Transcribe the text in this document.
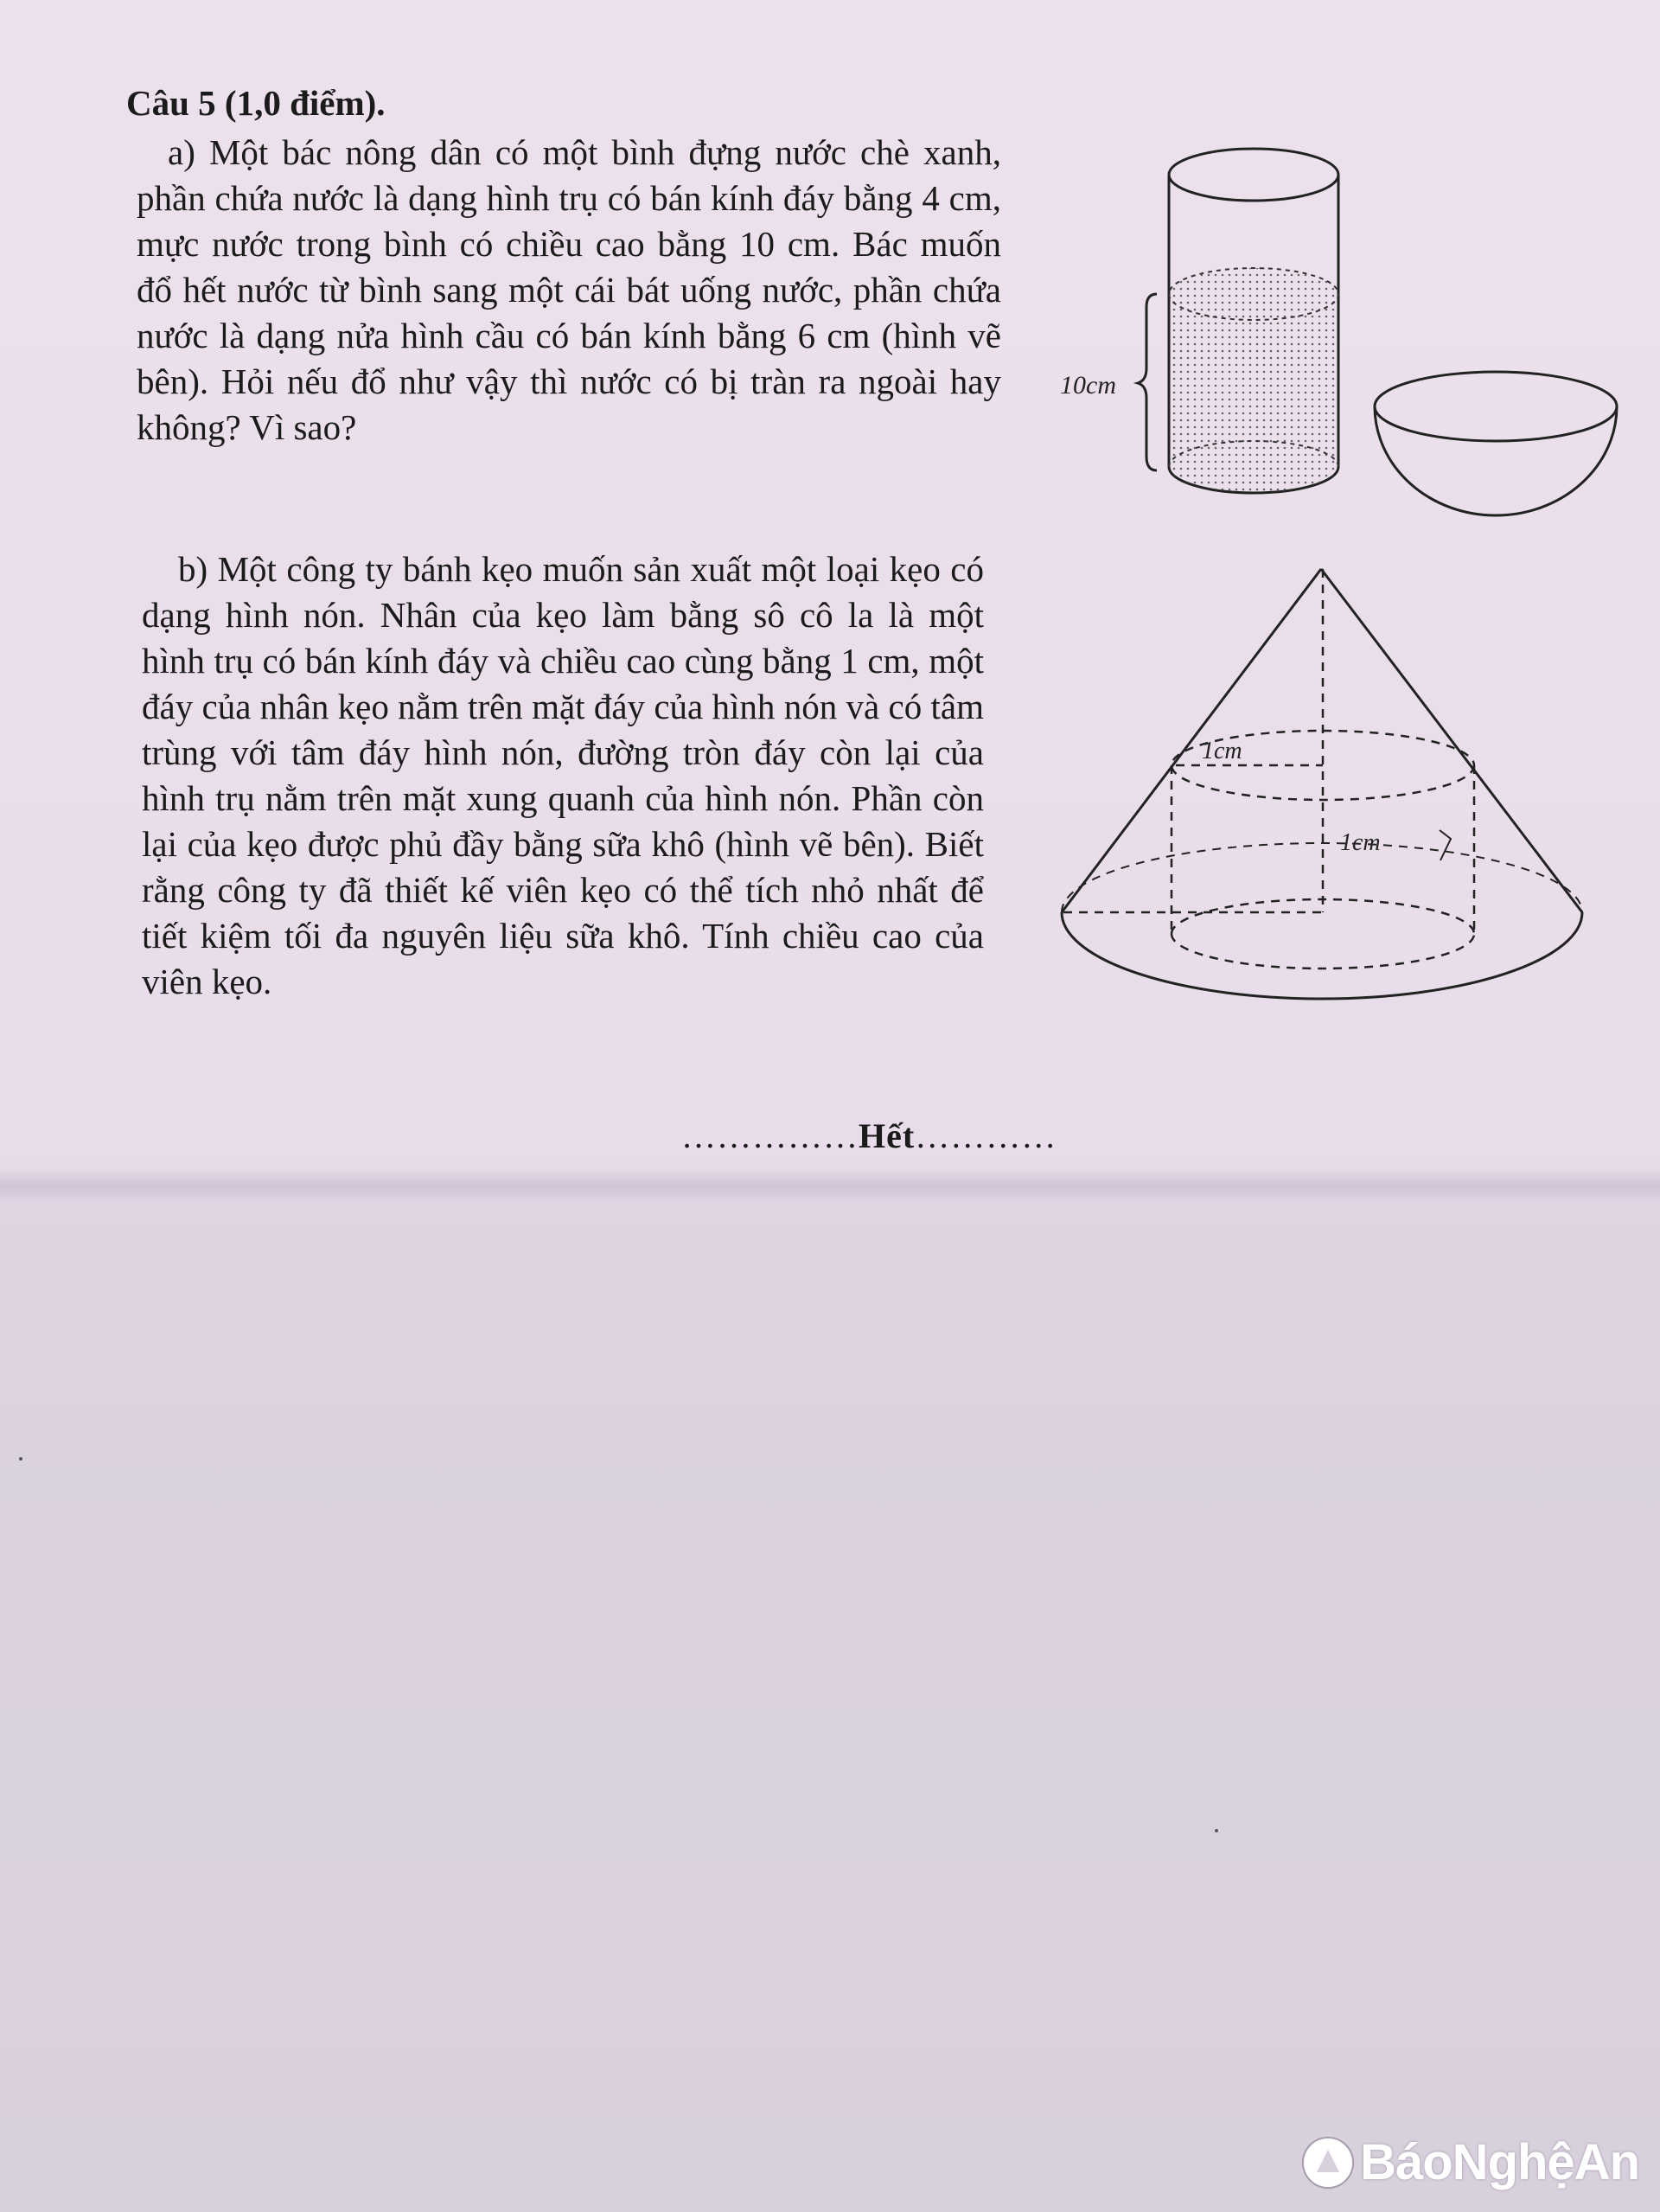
Câu 5 (1,0 điểm).

a) Một bác nông dân có một bình đựng nước chè xanh, phần chứa nước là dạng hình trụ có bán kính đáy bằng 4 cm, mực nước trong bình có chiều cao bằng 10 cm. Bác muốn đổ hết nước từ bình sang một cái bát uống nước, phần chứa nước là dạng nửa hình cầu có bán kính bằng 6 cm (hình vẽ bên). Hỏi nếu đổ như vậy thì nước có bị tràn ra ngoài hay không? Vì sao?

b) Một công ty bánh kẹo muốn sản xuất một loại kẹo có dạng hình nón. Nhân của kẹo làm bằng sô cô la là một hình trụ có bán kính đáy và chiều cao cùng bằng 1 cm, một đáy của nhân kẹo nằm trên mặt đáy của hình nón và có tâm trùng với tâm đáy hình nón, đường tròn đáy còn lại của hình trụ nằm trên mặt xung quanh của hình nón. Phần còn lại của kẹo được phủ đầy bằng sữa khô (hình vẽ bên). Biết rằng công ty đã thiết kế viên kẹo có thể tích nhỏ nhất để tiết kiệm tối đa nguyên liệu sữa khô. Tính chiều cao của viên kẹo.

10cm
1cm
1cm

……………Hết…………

BáoNghệAn
